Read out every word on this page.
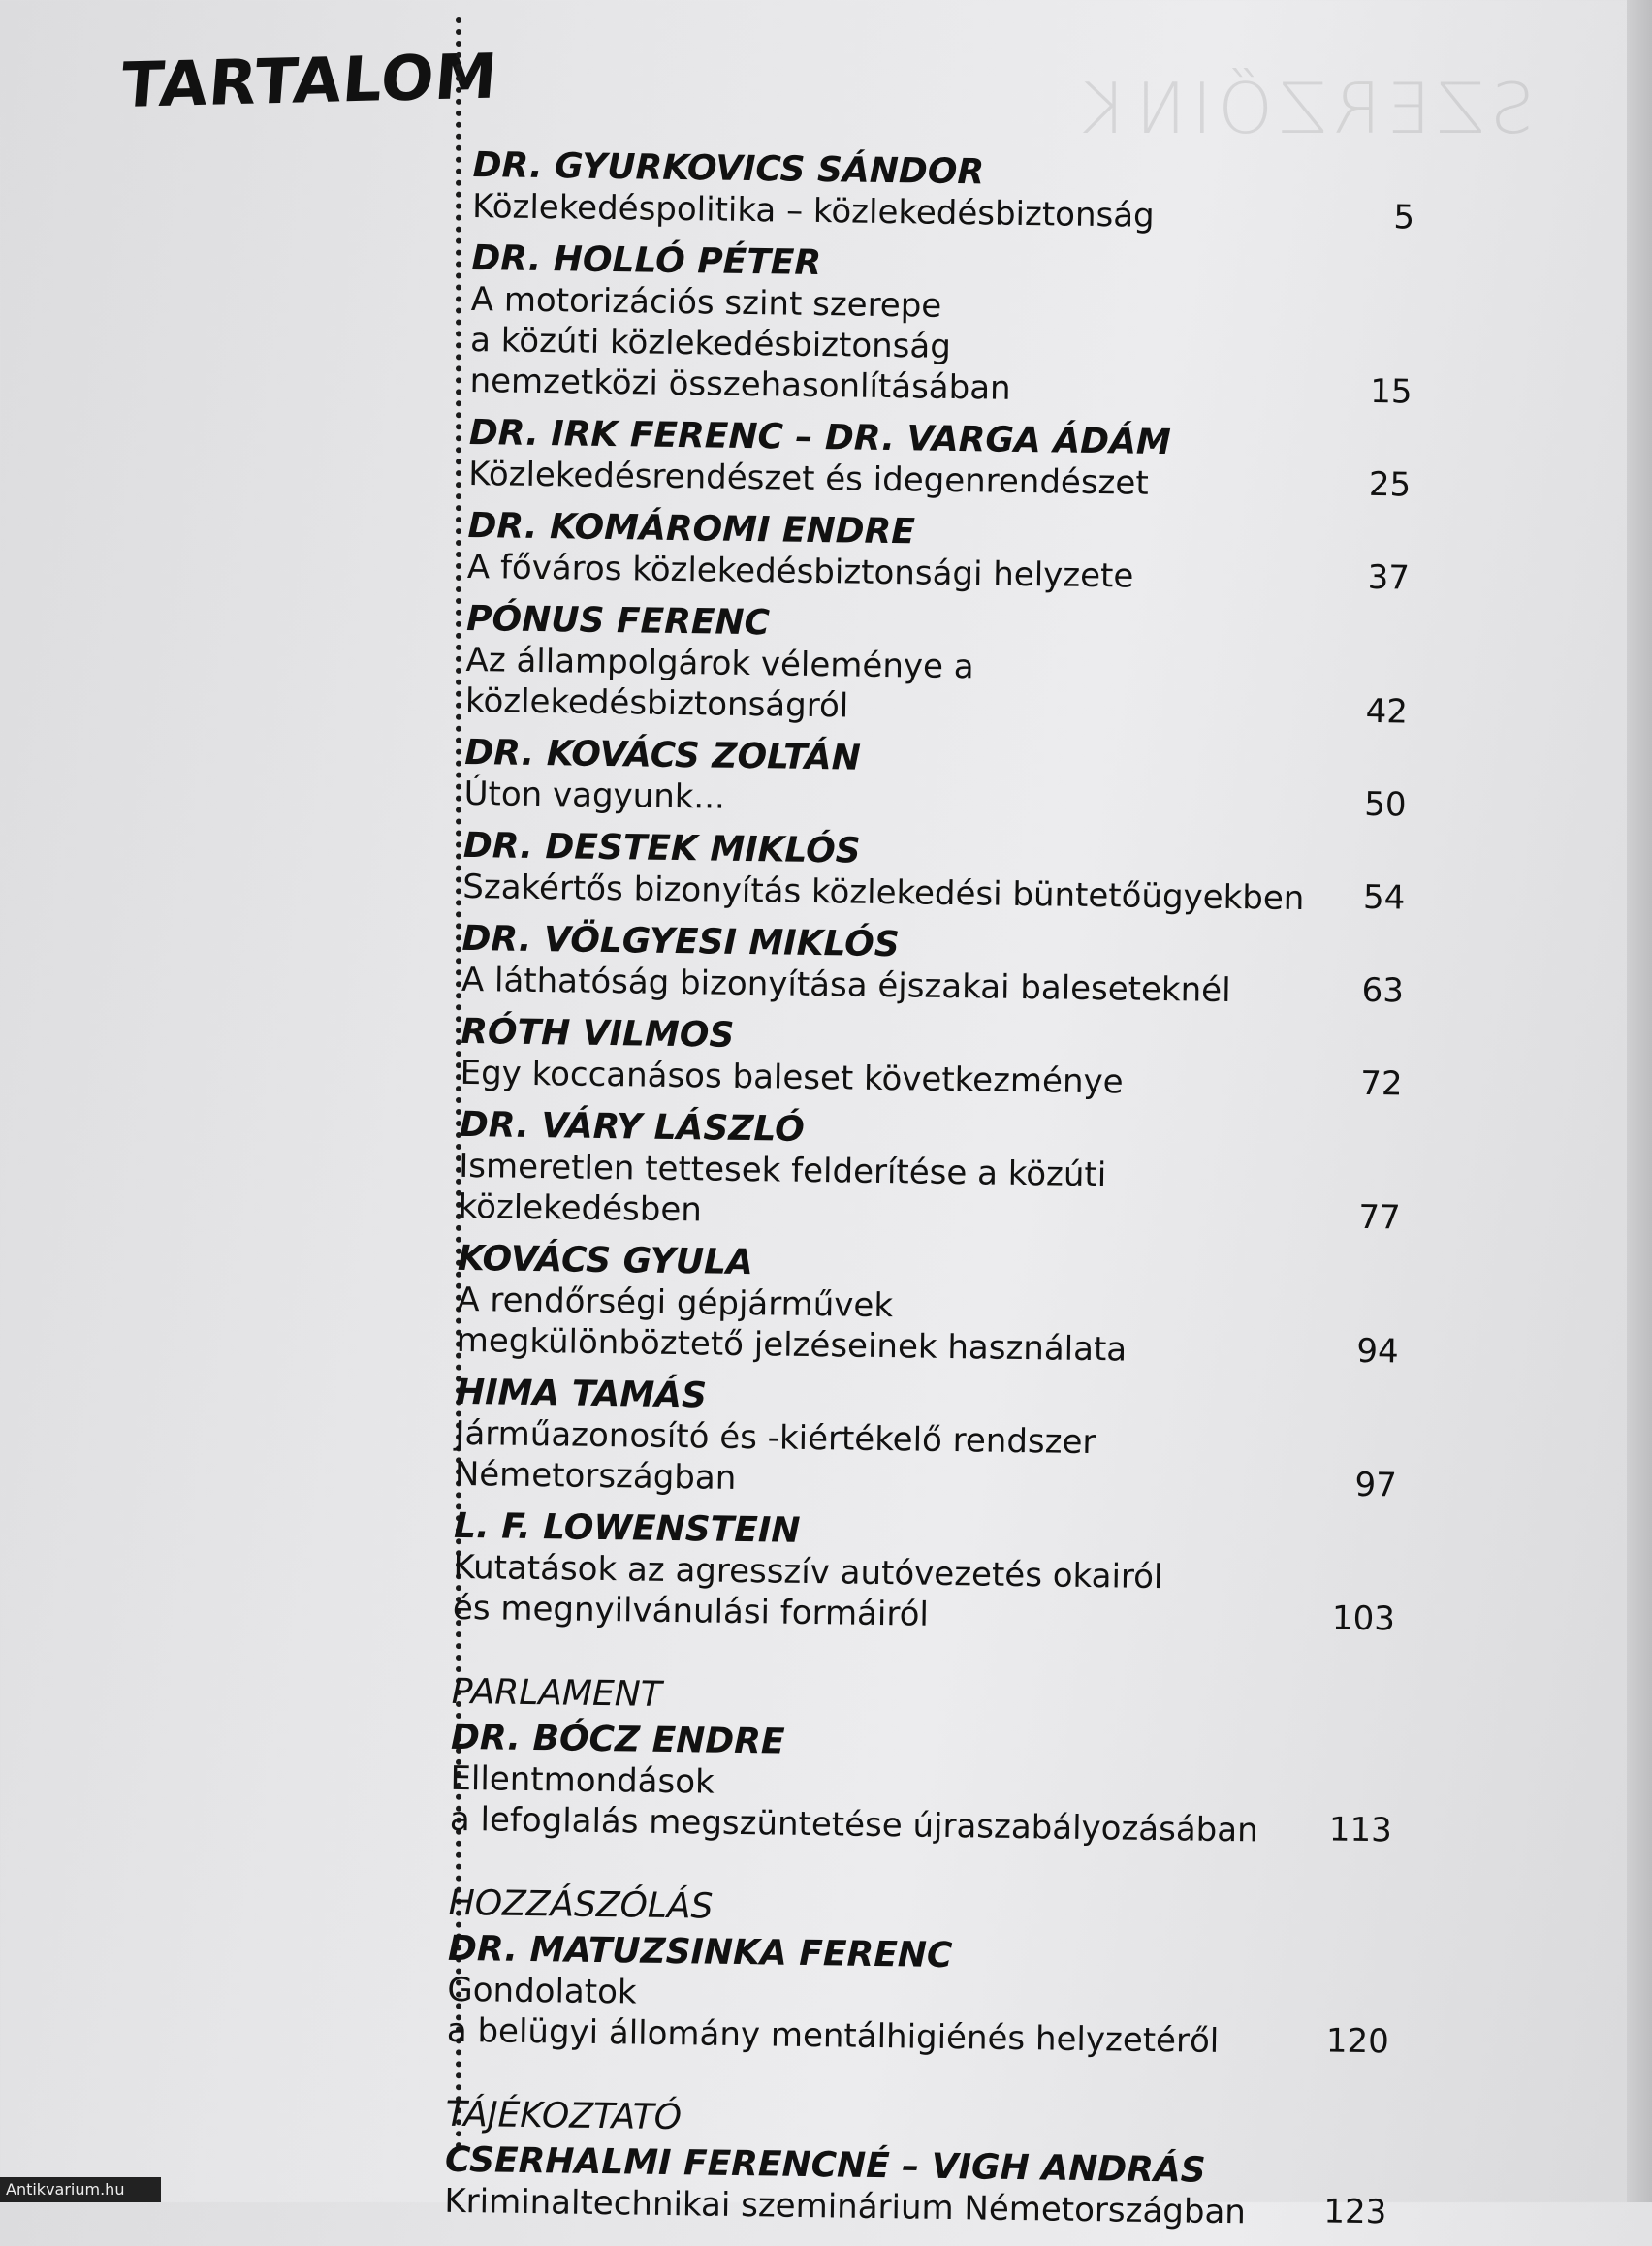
SZERZŐINK
TARTALOM
DR. GYURKOVICS SÁNDOR
Közlekedéspolitika – közlekedésbiztonság	5
DR. HOLLÓ PÉTER
A motorizációs szint szerepe
a közúti közlekedésbiztonság
nemzetközi összehasonlításában	15
DR. IRK FERENC – DR. VARGA ÁDÁM
Közlekedésrendészet és idegenrendészet	25
DR. KOMÁROMI ENDRE
A főváros közlekedésbiztonsági helyzete	37
PÓNUS FERENC
Az állampolgárok véleménye a közlekedésbiztonságról	42
DR. KOVÁCS ZOLTÁN
Úton vagyunk...	50
DR. DESTEK MIKLÓS
Szakértős bizonyítás közlekedési büntetőügyekben 54
DR. VÖLGYESI MIKLÓS
A láthatóság bizonyítása éjszakai baleseteknél	63
RÓTH VILMOS
Egy koccanásos baleset következménye	72
DR. VÁRY LÁSZLÓ
Ismeretlen tettesek felderítése a közúti közlekedésben	77
KOVÁCS GYULA
A rendőrségi gépjárművek
megkülönböztető jelzéseinek használata	94
HIMA TAMÁS
Járműazonosító és -kiértékelő rendszer Németországban	97
L. F. LOWENSTEIN
Kutatások az agresszív autóvezetés okairól
és megnyilvánulási formáiról	103
PARLAMENT
DR. BÓCZ ENDRE
Ellentmondások
a lefoglalás megszüntetése újraszabályozásában	113
HOZZÁSZÓLÁS
DR. MATUZSINKA FERENC
Gondolatok
a belügyi állomány mentálhigiénés helyzetéről	120
TÁJÉKOZTATÓ
CSERHALMI FERENCNÉ – VIGH ANDRÁS
Kriminaltechnikai szeminárium Németországban	123
Antikvarium.hu
